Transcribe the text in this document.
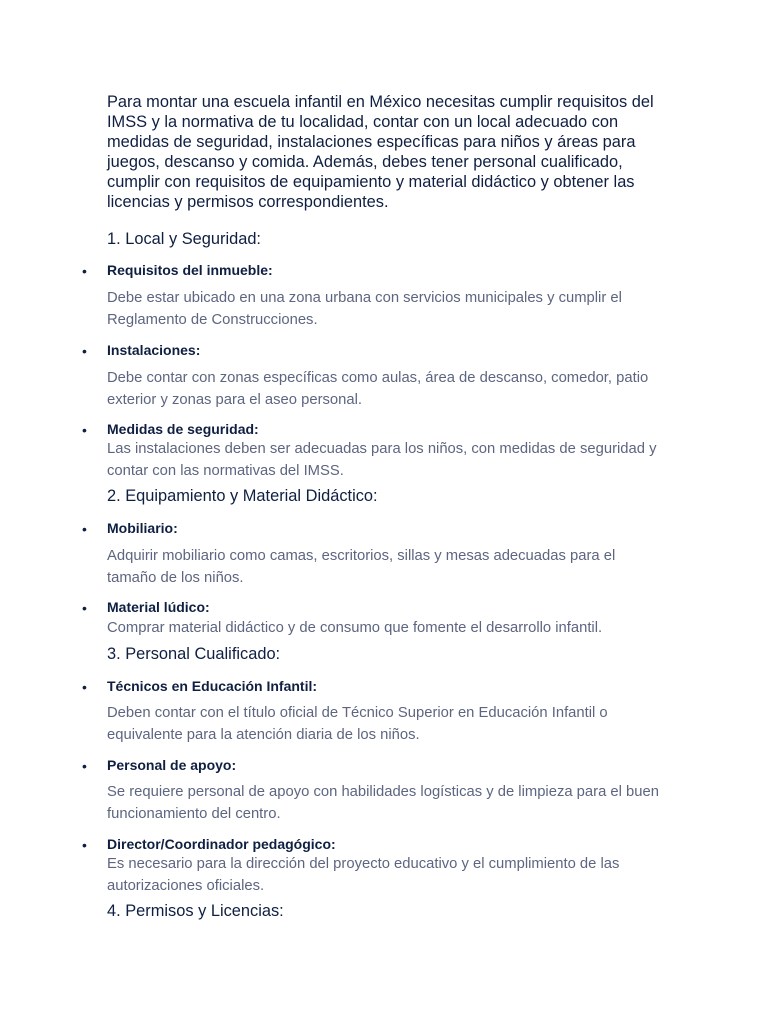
Para montar una escuela infantil en México necesitas cumplir requisitos del IMSS y la normativa de tu localidad, contar con un local adecuado con medidas de seguridad, instalaciones específicas para niños y áreas para juegos, descanso y comida. Además, debes tener personal cualificado, cumplir con requisitos de equipamiento y material didáctico y obtener las licencias y permisos correspondientes.

1. Local y Seguridad:

• Requisitos del inmueble:

Debe estar ubicado en una zona urbana con servicios municipales y cumplir el Reglamento de Construcciones.

• Instalaciones:

Debe contar con zonas específicas como aulas, área de descanso, comedor, patio exterior y zonas para el aseo personal.

• Medidas de seguridad:

Las instalaciones deben ser adecuadas para los niños, con medidas de seguridad y contar con las normativas del IMSS.

2. Equipamiento y Material Didáctico:

• Mobiliario:

Adquirir mobiliario como camas, escritorios, sillas y mesas adecuadas para el tamaño de los niños.

• Material lúdico:

Comprar material didáctico y de consumo que fomente el desarrollo infantil.

3. Personal Cualificado:

• Técnicos en Educación Infantil:

Deben contar con el título oficial de Técnico Superior en Educación Infantil o equivalente para la atención diaria de los niños.

• Personal de apoyo:

Se requiere personal de apoyo con habilidades logísticas y de limpieza para el buen funcionamiento del centro.

• Director/Coordinador pedagógico:

Es necesario para la dirección del proyecto educativo y el cumplimiento de las autorizaciones oficiales.

4. Permisos y Licencias:
